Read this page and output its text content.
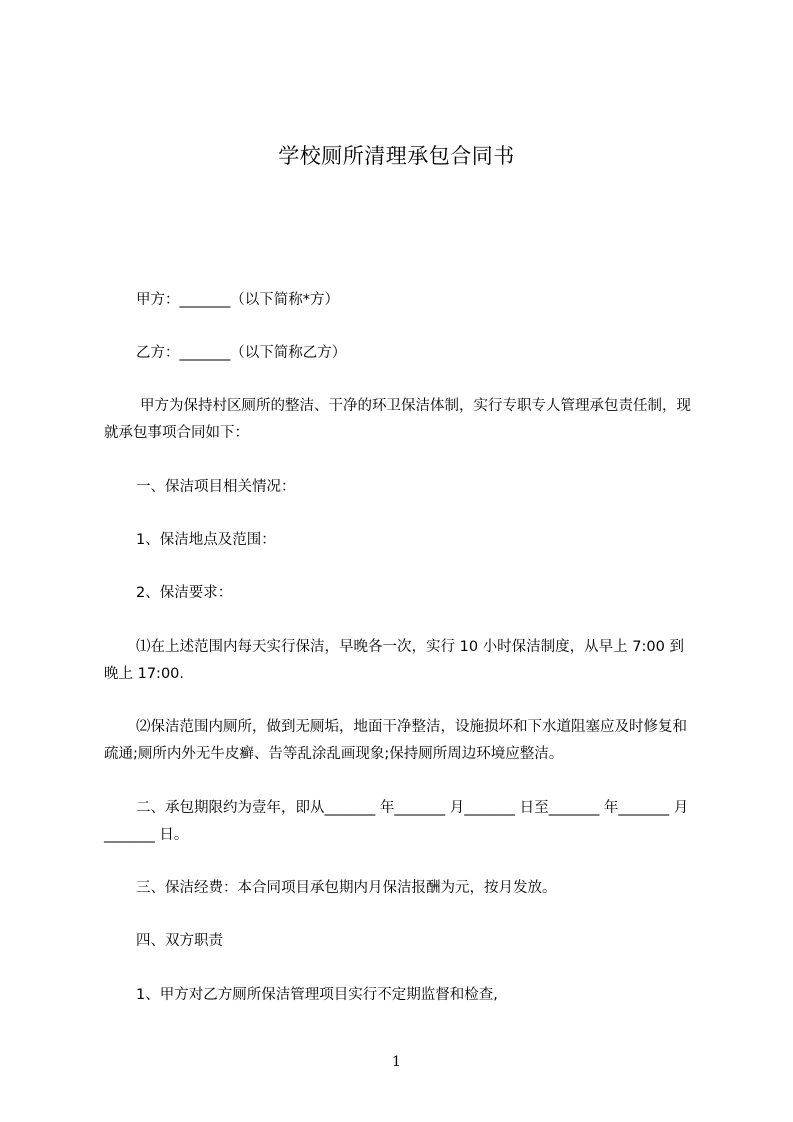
学校厕所清理承包合同书
甲方：_______（以下简称*方）
乙方：_______（以下简称乙方）
甲方为保持村区厕所的整洁、干净的环卫保洁体制，实行专职专人管理承包责任制，现就承包事项合同如下：
一、保洁项目相关情况：
1、保洁地点及范围：
2、保洁要求：
⑴在上述范围内每天实行保洁，早晚各一次，实行 10 小时保洁制度，从早上 7:00 到晚上 17:00.
⑵保洁范围内厕所，做到无厕垢，地面干净整洁，设施损坏和下水道阻塞应及时修复和疏通;厕所内外无牛皮癣、告等乱涂乱画现象;保持厕所周边环境应整洁。
二、承包期限约为壹年，即从_______ 年_______ 月_______ 日至_______ 年_______ 月_______ 日。
三、保洁经费：本合同项目承包期内月保洁报酬为元，按月发放。
四、双方职责
1、甲方对乙方厕所保洁管理项目实行不定期监督和检查,
1
